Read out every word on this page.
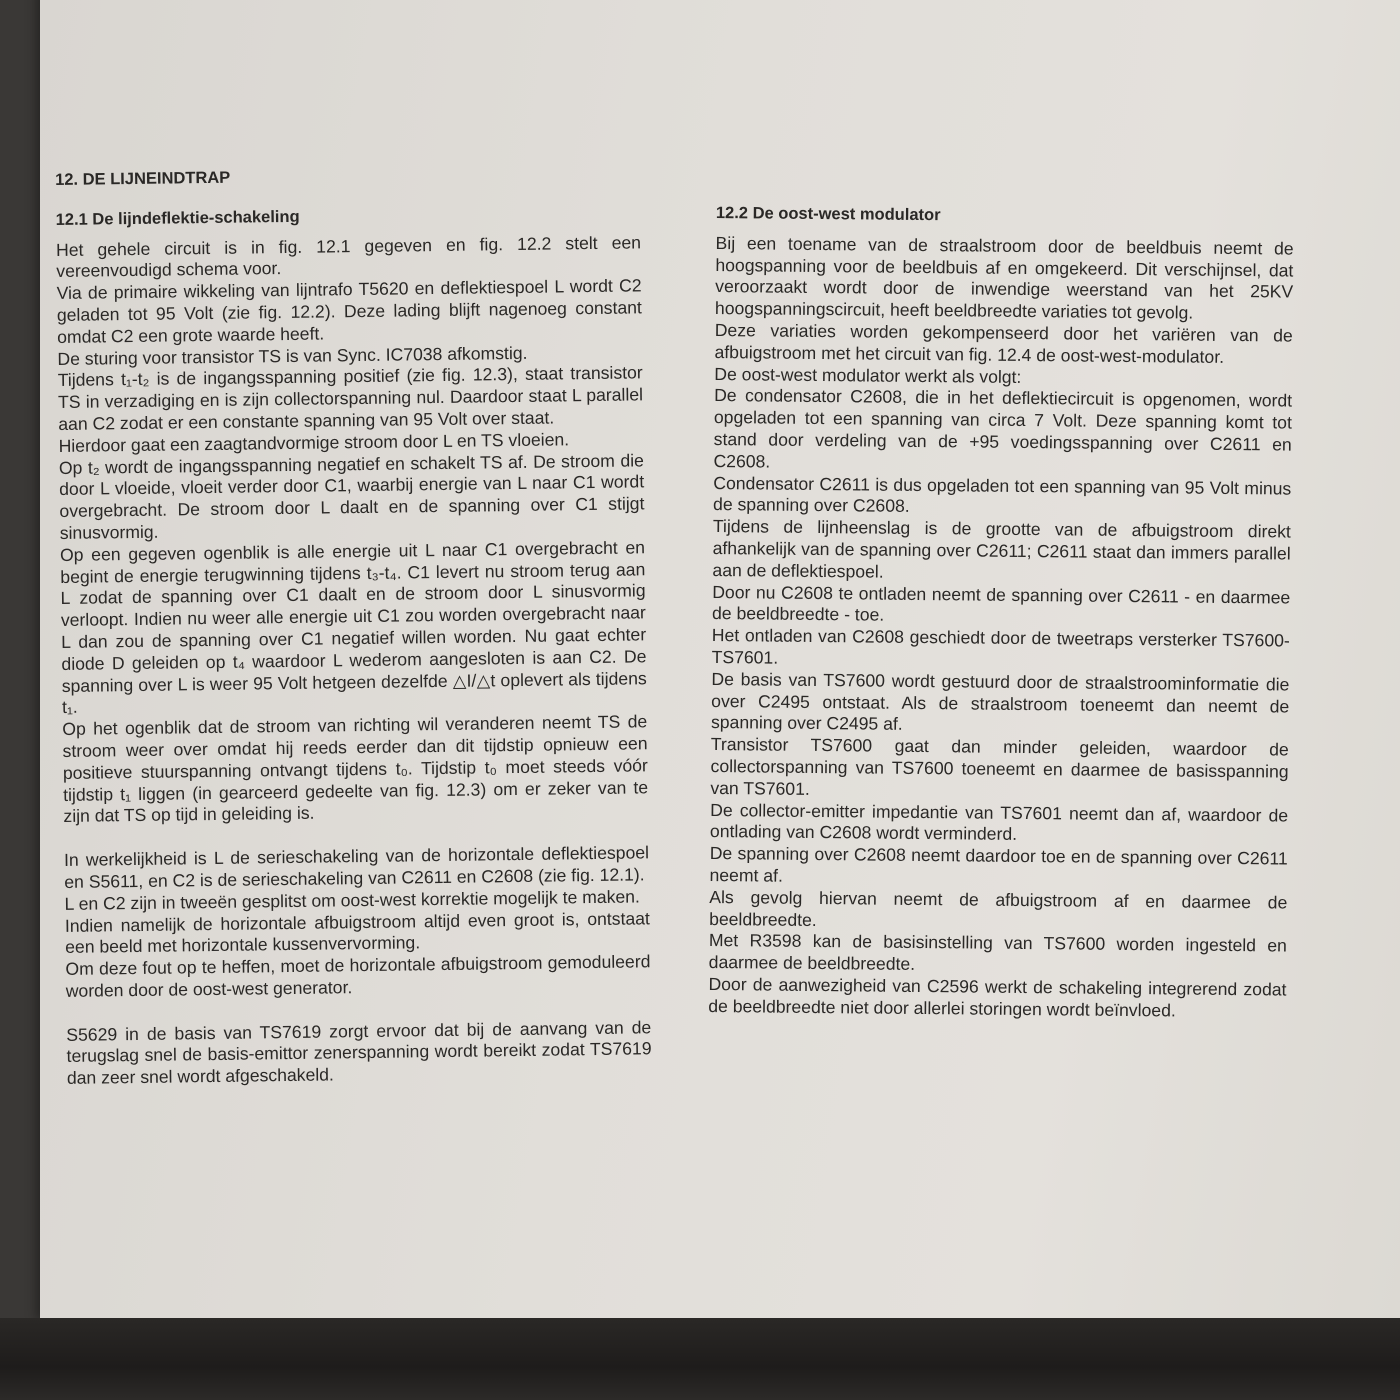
12. DE LIJNEINDTRAP
12.1 De lijndeflektie-schakeling

Het gehele circuit is in fig. 12.1 gegeven en fig. 12.2 stelt een vereenvoudigd schema voor.

Via de primaire wikkeling van lijntrafo T5620 en deflektiespoel L wordt C2 geladen tot 95 Volt (zie fig. 12.2). Deze lading blijft nagenoeg constant omdat C2 een grote waarde heeft.

De sturing voor transistor TS is van Sync. IC7038 afkomstig.

Tijdens t₁-t₂ is de ingangsspanning positief (zie fig. 12.3), staat transistor TS in verzadiging en is zijn collectorspanning nul. Daardoor staat L parallel aan C2 zodat er een constante spanning van 95 Volt over staat.

Hierdoor gaat een zaagtandvormige stroom door L en TS vloeien.

Op t₂ wordt de ingangsspanning negatief en schakelt TS af. De stroom die door L vloeide, vloeit verder door C1, waarbij energie van L naar C1 wordt overgebracht. De stroom door L daalt en de spanning over C1 stijgt sinusvormig.

Op een gegeven ogenblik is alle energie uit L naar C1 overgebracht en begint de energie terugwinning tijdens t₃-t₄. C1 levert nu stroom terug aan L zodat de spanning over C1 daalt en de stroom door L sinusvormig verloopt. Indien nu weer alle energie uit C1 zou worden overgebracht naar L dan zou de spanning over C1 negatief willen worden. Nu gaat echter diode D geleiden op t₄ waardoor L wederom aangesloten is aan C2. De spanning over L is weer 95 Volt hetgeen dezelfde △I/△t oplevert als tijdens t₁.

Op het ogenblik dat de stroom van richting wil veranderen neemt TS de stroom weer over omdat hij reeds eerder dan dit tijdstip opnieuw een positieve stuurspanning ontvangt tijdens t₀. Tijdstip t₀ moet steeds vóór tijdstip t₁ liggen (in gearceerd gedeelte van fig. 12.3) om er zeker van te zijn dat TS op tijd in geleiding is.

In werkelijkheid is L de serieschakeling van de horizontale deflektiespoel en S5611, en C2 is de serieschakeling van C2611 en C2608 (zie fig. 12.1).

L en C2 zijn in tweeën gesplitst om oost-west korrektie mogelijk te maken.

Indien namelijk de horizontale afbuigstroom altijd even groot is, ontstaat een beeld met horizontale kussenvervorming.

Om deze fout op te heffen, moet de horizontale afbuigstroom gemoduleerd worden door de oost-west generator.

S5629 in de basis van TS7619 zorgt ervoor dat bij de aanvang van de terugslag snel de basis-emittor zenerspanning wordt bereikt zodat TS7619 dan zeer snel wordt afgeschakeld.

12.2 De oost-west modulator

Bij een toename van de straalstroom door de beeldbuis neemt de hoogspanning voor de beeldbuis af en omgekeerd. Dit verschijnsel, dat veroorzaakt wordt door de inwendige weerstand van het 25KV hoogspanningscircuit, heeft beeldbreedte variaties tot gevolg.

Deze variaties worden gekompenseerd door het variëren van de afbuigstroom met het circuit van fig. 12.4 de oost-west-modulator.

De oost-west modulator werkt als volgt:

De condensator C2608, die in het deflektiecircuit is opgenomen, wordt opgeladen tot een spanning van circa 7 Volt. Deze spanning komt tot stand door verdeling van de +95 voedingsspanning over C2611 en C2608.

Condensator C2611 is dus opgeladen tot een spanning van 95 Volt minus de spanning over C2608.

Tijdens de lijnheenslag is de grootte van de afbuigstroom direkt afhankelijk van de spanning over C2611; C2611 staat dan immers parallel aan de deflektiespoel.

Door nu C2608 te ontladen neemt de spanning over C2611 - en daarmee de beeldbreedte - toe.

Het ontladen van C2608 geschiedt door de tweetraps versterker TS7600-TS7601.

De basis van TS7600 wordt gestuurd door de straalstroominformatie die over C2495 ontstaat. Als de straalstroom toeneemt dan neemt de spanning over C2495 af.

Transistor TS7600 gaat dan minder geleiden, waardoor de collectorspanning van TS7600 toeneemt en daarmee de basisspanning van TS7601.

De collector-emitter impedantie van TS7601 neemt dan af, waardoor de ontlading van C2608 wordt verminderd.

De spanning over C2608 neemt daardoor toe en de spanning over C2611 neemt af.

Als gevolg hiervan neemt de afbuigstroom af en daarmee de beeldbreedte.

Met R3598 kan de basisinstelling van TS7600 worden ingesteld en daarmee de beeldbreedte.

Door de aanwezigheid van C2596 werkt de schakeling integrerend zodat de beeldbreedte niet door allerlei storingen wordt beïnvloed.
